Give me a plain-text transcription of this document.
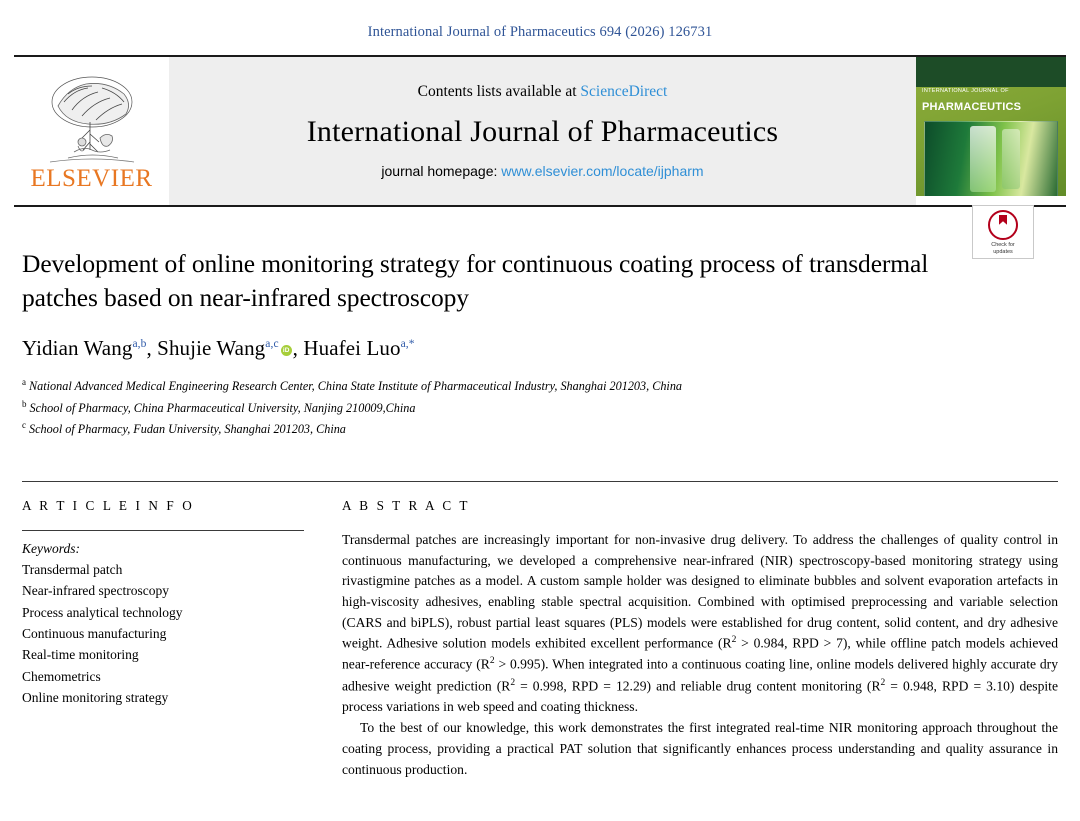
International Journal of Pharmaceutics 694 (2026) 126731
ELSEVIER
Contents lists available at ScienceDirect
International Journal of Pharmaceutics
journal homepage: www.elsevier.com/locate/ijpharm
INTERNATIONAL JOURNAL OF
PHARMACEUTICS
Check for
updates
Development of online monitoring strategy for continuous coating process of transdermal patches based on near-infrared spectroscopy
Yidian Wang$^{a,b}$, Shujie Wang$^{a,c}$ iD , Huafei Luo$^{a,*}$
$^a$ National Advanced Medical Engineering Research Center, China State Institute of Pharmaceutical Industry, Shanghai 201203, China
$^b$ School of Pharmacy, China Pharmaceutical University, Nanjing 210009,China
$^c$ School of Pharmacy, Fudan University, Shanghai 201203, China
A R T I C L E I N F O
Keywords:
Transdermal patch
Near-infrared spectroscopy
Process analytical technology
Continuous manufacturing
Real-time monitoring
Chemometrics
Online monitoring strategy
A B S T R A C T

Transdermal patches are increasingly important for non-invasive drug delivery. To address the challenges of quality control in continuous manufacturing, we developed a comprehensive near-infrared (NIR) spectroscopy-based monitoring strategy using rivastigmine patches as a model. A custom sample holder was designed to eliminate bubbles and solvent evaporation artefacts in high-viscosity adhesives, enabling stable spectral acquisition. Combined with optimised preprocessing and variable selection (CARS and biPLS), robust partial least squares (PLS) models were established for drug content, solid content, and dry adhesive weight. Adhesive solution models exhibited excellent performance ($R^2 > 0.984$, RPD > 7), while offline patch models achieved near-reference accuracy $(R^2 > 0.995)$. When integrated into a continuous coating line, online models delivered highly accurate dry adhesive weight prediction ($R^2 = 0.998$, RPD = 12.29) and reliable drug content monitoring ($R^2 = 0.948$, RPD = 3.10) despite process variations in web speed and coating thickness.

To the best of our knowledge, this work demonstrates the first integrated real-time NIR monitoring approach throughout the coating process, providing a practical PAT solution that significantly enhances process understanding and quality assurance in continuous production.
